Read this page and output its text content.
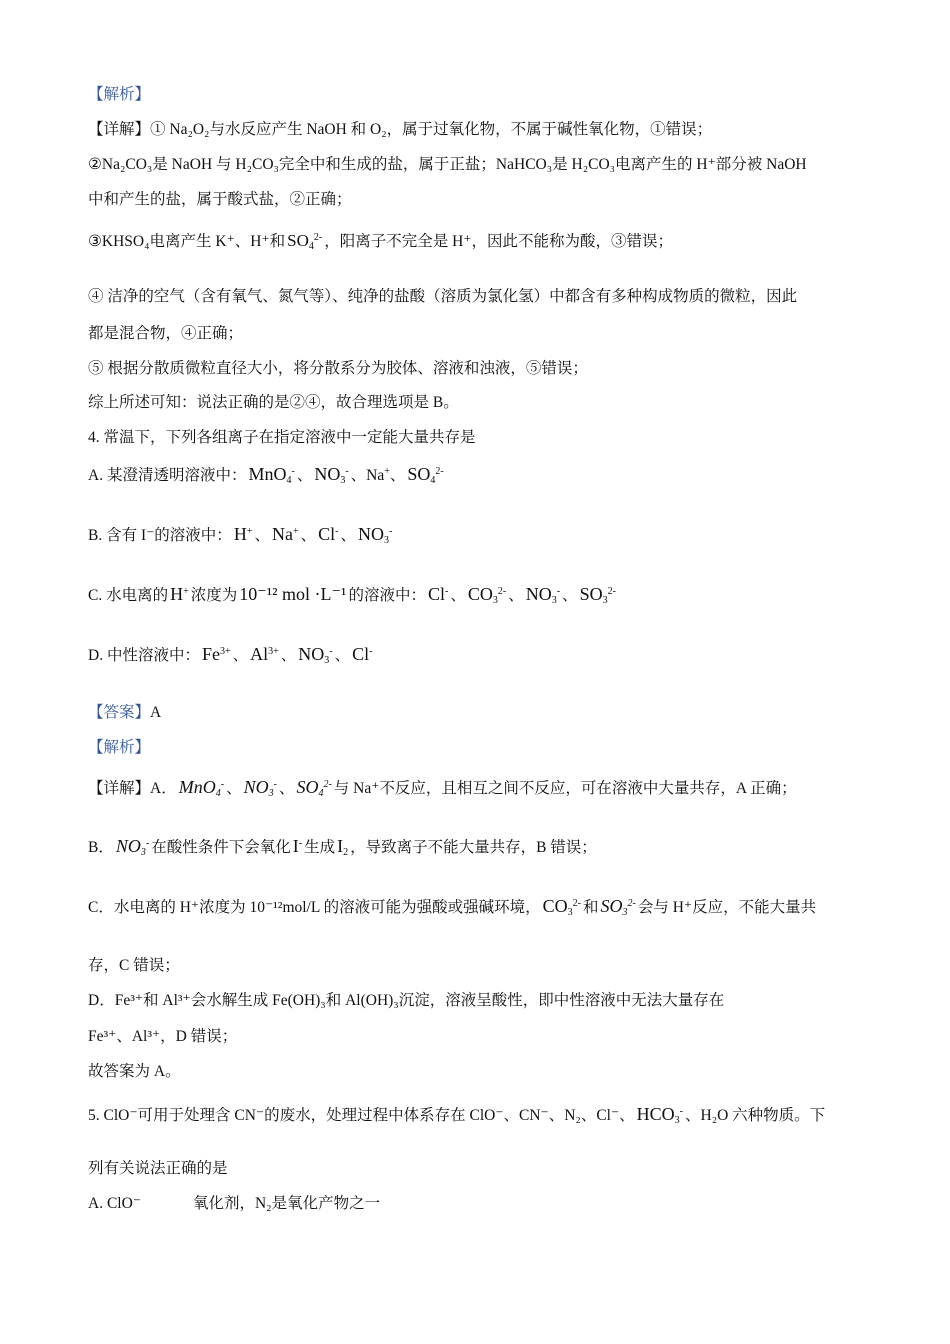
【解析】
【详解】① Na₂O₂与水反应产生 NaOH 和 O₂，属于过氧化物，不属于碱性氧化物，①错误；
②Na₂CO₃是 NaOH 与 H₂CO₃完全中和生成的盐，属于正盐；NaHCO₃是 H₂CO₃电离产生的 H⁺部分被 NaOH
中和产生的盐，属于酸式盐，②正确；
③KHSO₄电离产生 K⁺、H⁺和 $SO_4^{2-}$ ，阳离子不完全是 H⁺，因此不能称为酸，③错误；
④ 洁净的空气（含有氧气、氮气等）、纯净的盐酸（溶质为氯化氢）中都含有多种构成物质的微粒，因此
都是混合物，④正确；
⑤ 根据分散质微粒直径大小，将分散系分为胶体、溶液和浊液，⑤错误；
综上所述可知：说法正确的是②④，故合理选项是 B。
4. 常温下，下列各组离子在指定溶液中一定能大量共存是
A. 某澄清透明溶液中： MnO$_4$- 、 $NO_3^-$ 、Na+、 $SO_4^{2-}$
B. 含有 I⁻的溶液中： H+ 、 Na+ 、 Cl- 、 $NO_3^-$
C. 水电离的 H+ 浓度为 10⁻¹² mol ·L⁻¹ 的溶液中： Cl- 、 $CO_3^{2-}$ 、 $NO_3^-$ 、 $SO_3^{2-}$
D. 中性溶液中： $Fe^{3+}$ 、 $Al^{3+}$ 、 $NO_3^-$ 、 Cl-
【答案】A
【解析】
【详解】A． MnO$_4$- 、 $NO_3^-$ 、 $SO_4^{2-}$ 与 Na⁺不反应，且相互之间不反应，可在溶液中大量共存，A 正确；
B． $NO_3^-$ 在酸性条件下会氧化 I- 生成 $I_2$ ，导致离子不能大量共存，B 错误；
C．水电离的 H⁺浓度为 10⁻¹²mol/L 的溶液可能为强酸或强碱环境， $CO_3^{2-}$ 和 $SO_3^{2-}$ 会与 H⁺反应，不能大量共
存，C 错误；
D．Fe³⁺和 Al³⁺会水解生成 Fe(OH)₃和 Al(OH)₃沉淀，溶液呈酸性，即中性溶液中无法大量存在
Fe³⁺、Al³⁺，D 错误；
故答案为 A。
5. ClO⁻可用于处理含 CN⁻的废水，处理过程中体系存在 ClO⁻、CN⁻、N₂、Cl⁻、 $HCO_3^-$ 、H₂O 六种物质。下
列有关说法正确的是
A. ClO⁻	氧化剂，N₂是氧化产物之一
